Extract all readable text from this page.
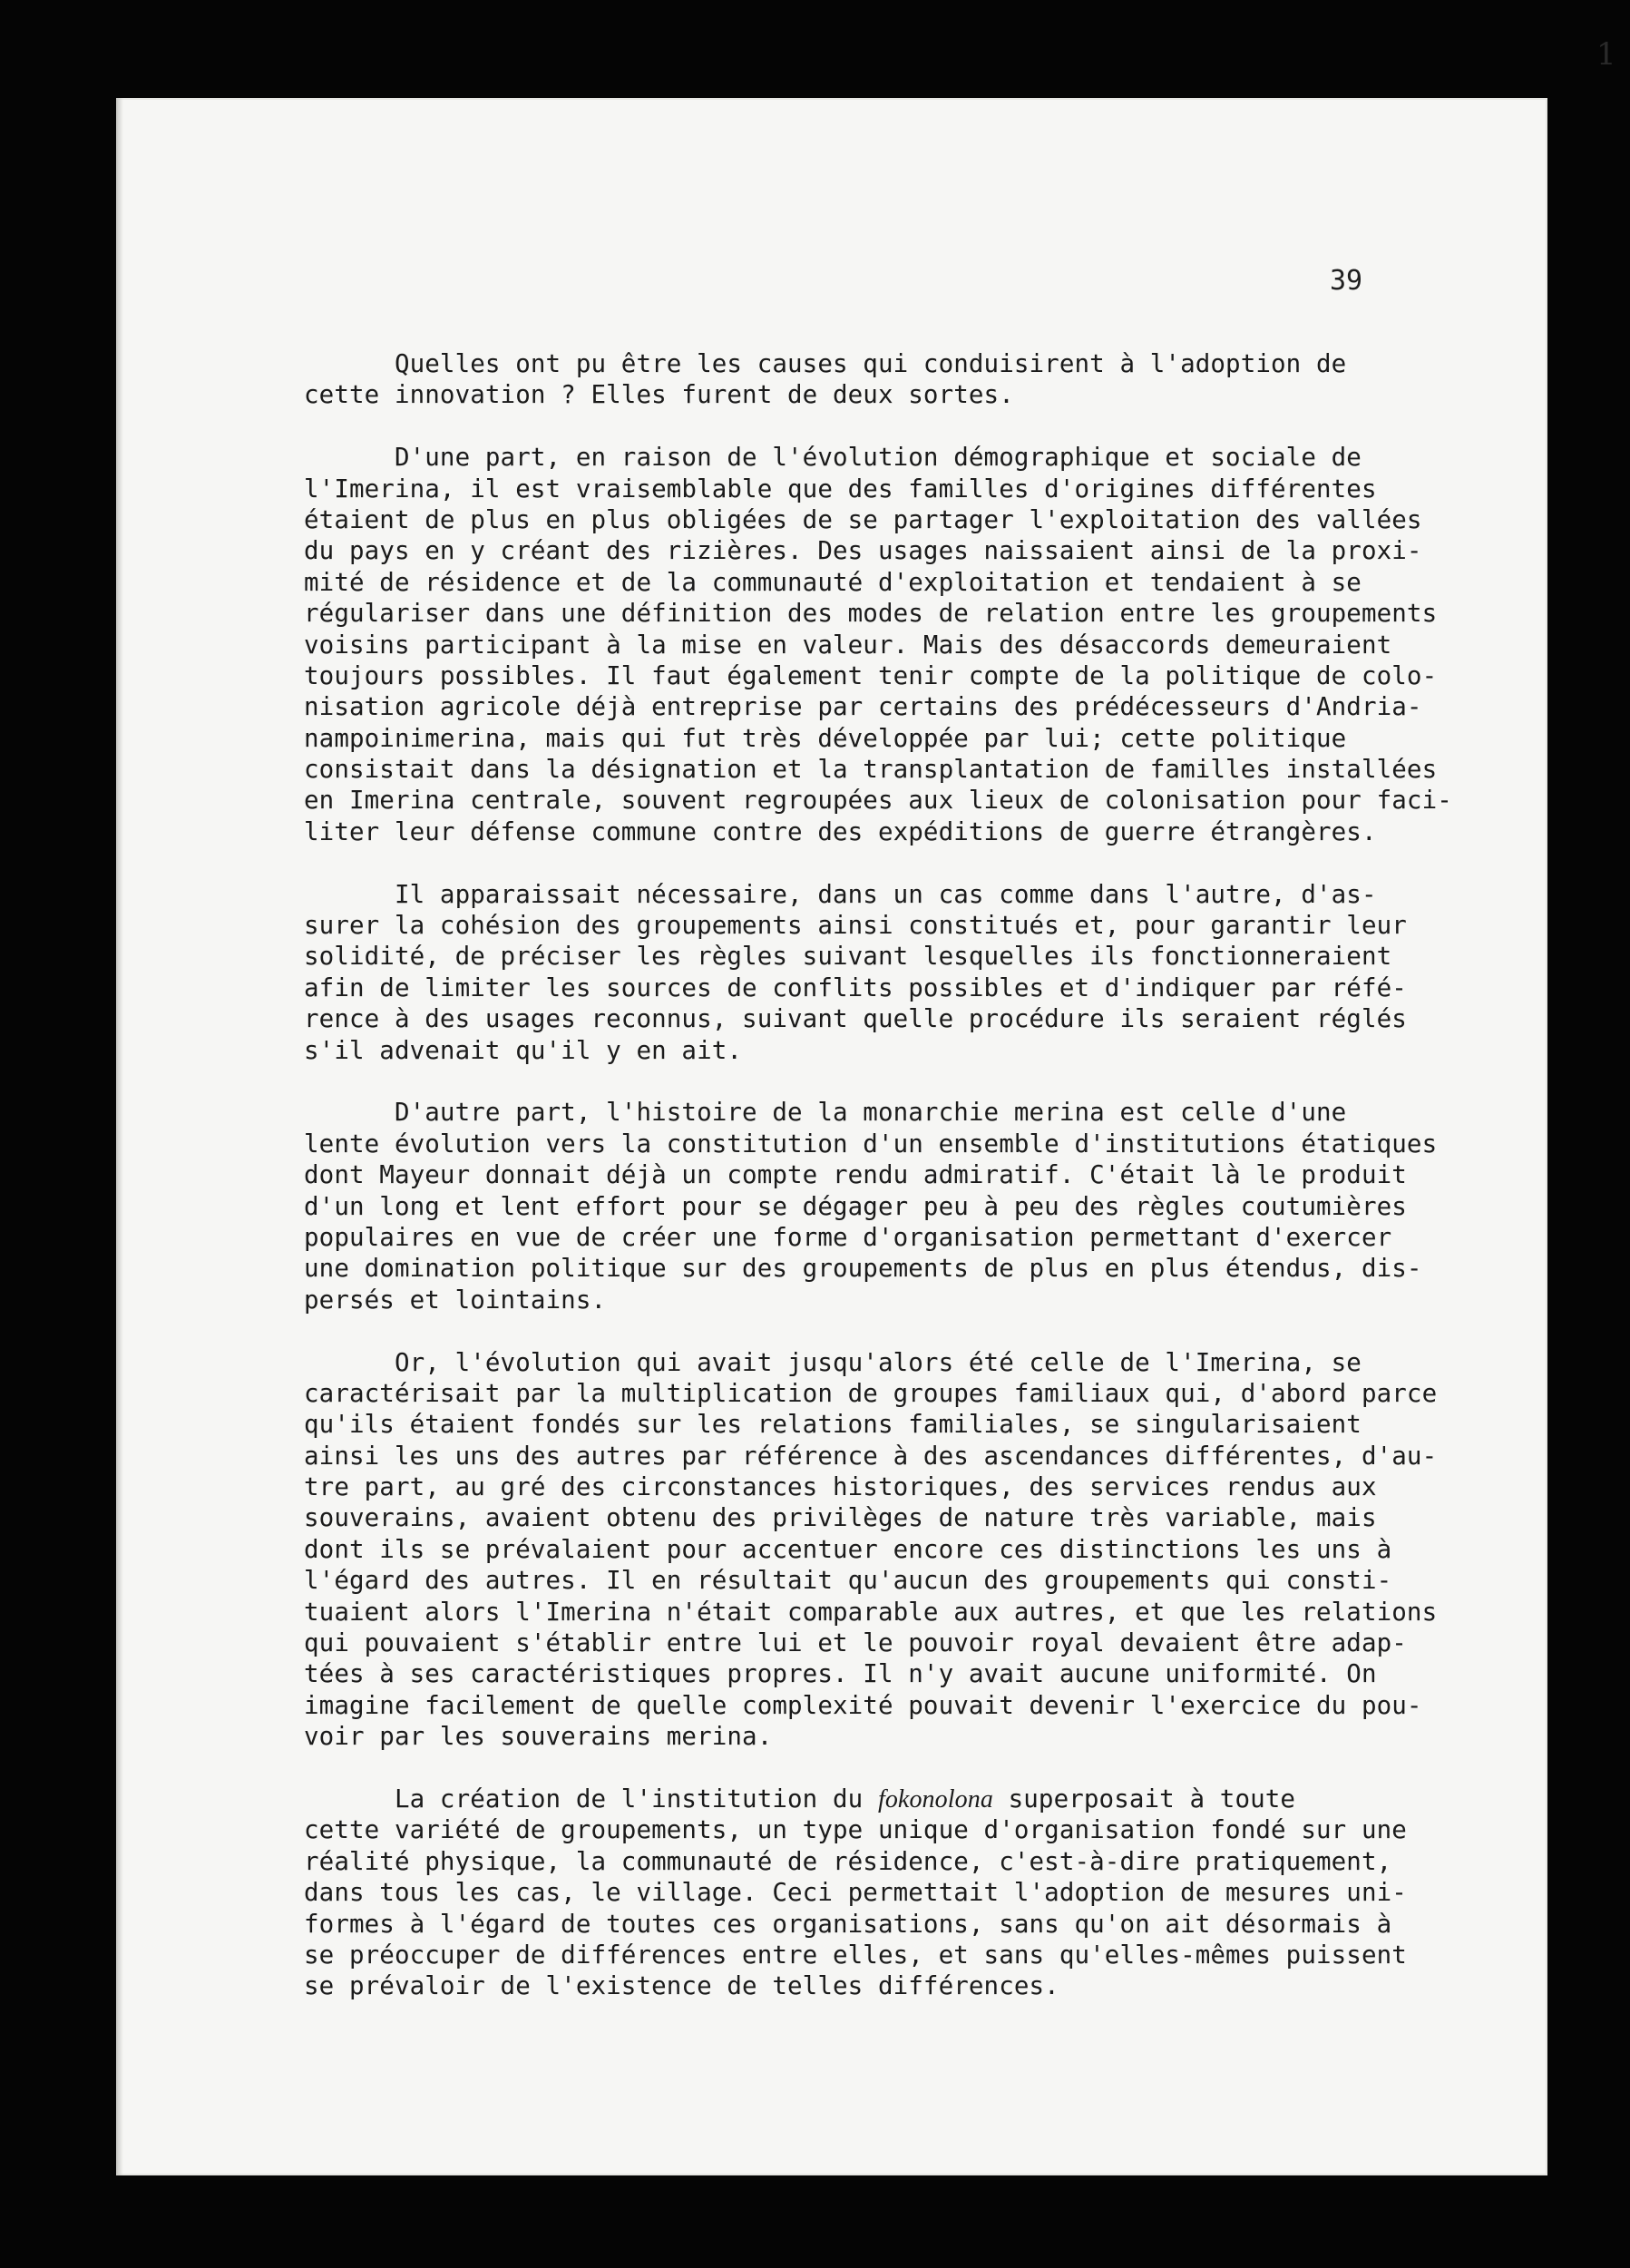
1
39
Quelles ont pu être les causes qui conduisirent à l'adoption de
cette innovation ? Elles furent de deux sortes.
D'une part, en raison de l'évolution démographique et sociale de
l'Imerina, il est vraisemblable que des familles d'origines différentes
étaient de plus en plus obligées de se partager l'exploitation des vallées
du pays en y créant des rizières. Des usages naissaient ainsi de la proxi-
mité de résidence et de la communauté d'exploitation et tendaient à se
régulariser dans une définition des modes de relation entre les groupements
voisins participant à la mise en valeur. Mais des désaccords demeuraient
toujours possibles. Il faut également tenir compte de la politique de colo-
nisation agricole déjà entreprise par certains des prédécesseurs d'Andria-
nampoinimerina, mais qui fut très développée par lui; cette politique
consistait dans la désignation et la transplantation de familles installées
en Imerina centrale, souvent regroupées aux lieux de colonisation pour faci-
liter leur défense commune contre des expéditions de guerre étrangères.
Il apparaissait nécessaire, dans un cas comme dans l'autre, d'as-
surer la cohésion des groupements ainsi constitués et, pour garantir leur
solidité, de préciser les règles suivant lesquelles ils fonctionneraient
afin de limiter les sources de conflits possibles et d'indiquer par réfé-
rence à des usages reconnus, suivant quelle procédure ils seraient réglés
s'il advenait qu'il y en ait.
D'autre part, l'histoire de la monarchie merina est celle d'une
lente évolution vers la constitution d'un ensemble d'institutions étatiques
dont Mayeur donnait déjà un compte rendu admiratif. C'était là le produit
d'un long et lent effort pour se dégager peu à peu des règles coutumières
populaires en vue de créer une forme d'organisation permettant d'exercer
une domination politique sur des groupements de plus en plus étendus, dis-
persés et lointains.
Or, l'évolution qui avait jusqu'alors été celle de l'Imerina, se
caractérisait par la multiplication de groupes familiaux qui, d'abord parce
qu'ils étaient fondés sur les relations familiales, se singularisaient
ainsi les uns des autres par référence à des ascendances différentes, d'au-
tre part, au gré des circonstances historiques, des services rendus aux
souverains, avaient obtenu des privilèges de nature très variable, mais
dont ils se prévalaient pour accentuer encore ces distinctions les uns à
l'égard des autres. Il en résultait qu'aucun des groupements qui consti-
tuaient alors l'Imerina n'était comparable aux autres, et que les relations
qui pouvaient s'établir entre lui et le pouvoir royal devaient être adap-
tées à ses caractéristiques propres. Il n'y avait aucune uniformité. On
imagine facilement de quelle complexité pouvait devenir l'exercice du pou-
voir par les souverains merina.
La création de l'institution du fokonolona superposait à toute
cette variété de groupements, un type unique d'organisation fondé sur une
réalité physique, la communauté de résidence, c'est-à-dire pratiquement,
dans tous les cas, le village. Ceci permettait l'adoption de mesures uni-
formes à l'égard de toutes ces organisations, sans qu'on ait désormais à
se préoccuper de différences entre elles, et sans qu'elles-mêmes puissent
se prévaloir de l'existence de telles différences.
